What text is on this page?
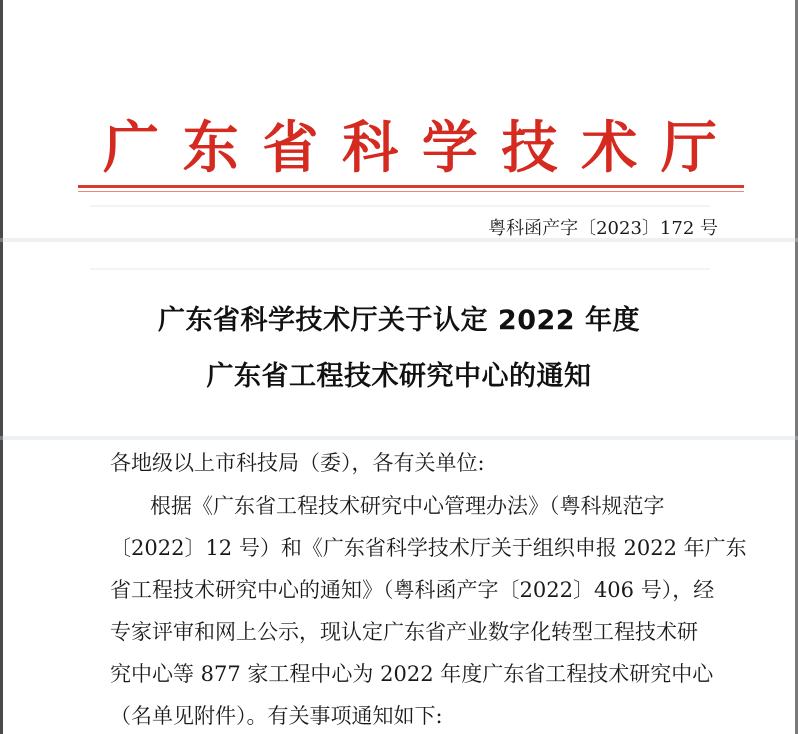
广 东 省 科 学 技 术 厅
粤科函产字〔2023〕172 号
广东省科学技术厅关于认定 2022 年度
广东省工程技术研究中心的通知
各地级以上市科技局（委），各有关单位:
根据《广东省工程技术研究中心管理办法》（粤科规范字
〔2022〕12 号）和《广东省科学技术厅关于组织申报 2022 年广东
省工程技术研究中心的通知》（粤科函产字〔2022〕406 号），经
专家评审和网上公示，现认定广东省产业数字化转型工程技术研
究中心等 877 家工程中心为 2022 年度广东省工程技术研究中心
（名单见附件）。有关事项通知如下:
